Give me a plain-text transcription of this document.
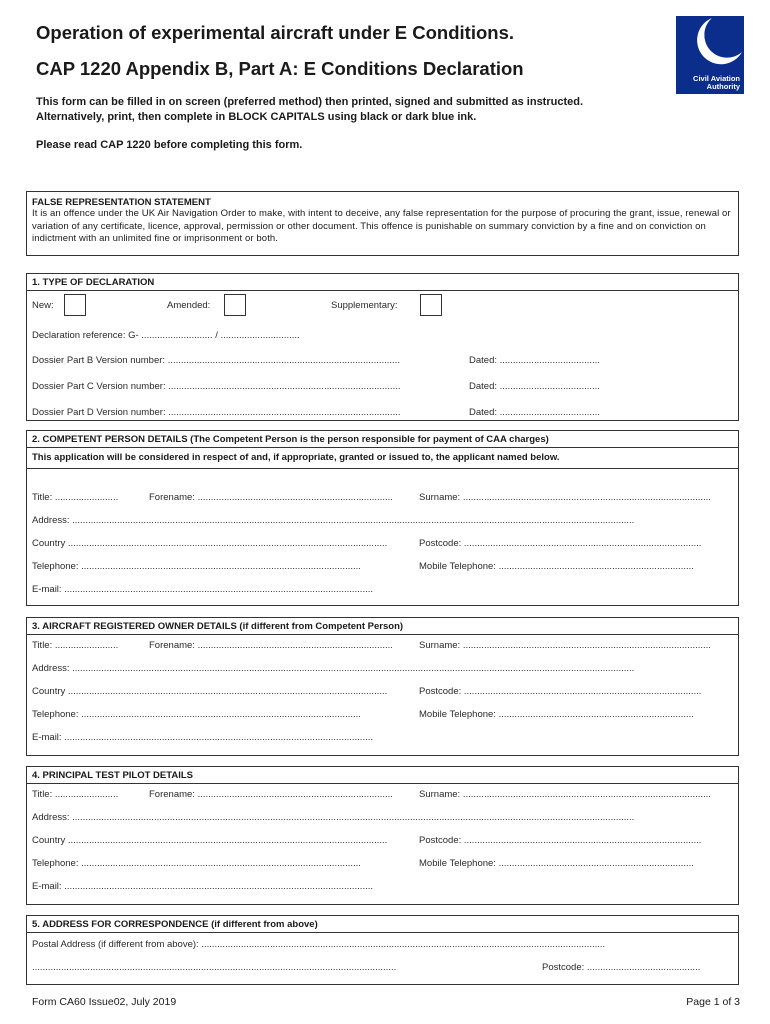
Operation of experimental aircraft under E Conditions.
CAP 1220 Appendix B, Part A: E Conditions Declaration
This form can be filled in on screen (preferred method) then printed, signed and submitted as instructed. Alternatively, print, then complete in BLOCK CAPITALS using black or dark blue ink.
Please read CAP 1220 before completing this form.
Civil Aviation
Authority
FALSE REPRESENTATION STATEMENT
It is an offence under the UK Air Navigation Order to make, with intent to deceive, any false representation for the purpose of procuring the grant, issue, renewal or variation of any certificate, licence, approval, permission or other document. This offence is punishable on summary conviction by a fine and on conviction on indictment with an unlimited fine or imprisonment or both.
1. TYPE OF DECLARATION
New:	Amended:	Supplementary:
Declaration reference: G- ........................... / ..............................
Dossier Part B Version number: ........................................................................................	Dated: ......................................
Dossier Part C Version number: ........................................................................................	Dated: ......................................
Dossier Part D Version number: ........................................................................................	Dated: ......................................
2. COMPETENT PERSON DETAILS (The Competent Person is the person responsible for payment of CAA charges)
This application will be considered in respect of and, if appropriate, granted or issued to, the applicant named below.
Title: ........................	Forename: ..........................................................................	Surname: ..............................................................................................
Address: .....................................................................................................................................................................................................................
Country .........................................................................................................................	Postcode: ..........................................................................................
Telephone: ..........................................................................................................	Mobile Telephone: ..........................................................................
E-mail: .....................................................................................................................
3. AIRCRAFT REGISTERED OWNER DETAILS (if different from Competent Person)
Title: ........................	Forename: ..........................................................................	Surname: ..............................................................................................
Address: .....................................................................................................................................................................................................................
Country .........................................................................................................................	Postcode: ..........................................................................................
Telephone: ..........................................................................................................	Mobile Telephone: ..........................................................................
E-mail: .....................................................................................................................
4. PRINCIPAL TEST PILOT DETAILS
Title: ........................	Forename: ..........................................................................	Surname: ..............................................................................................
Address: .....................................................................................................................................................................................................................
Country .........................................................................................................................	Postcode: ..........................................................................................
Telephone: ..........................................................................................................	Mobile Telephone: ..........................................................................
E-mail: .....................................................................................................................
5. ADDRESS FOR CORRESPONDENCE (if different from above)
Postal Address (if different from above): .........................................................................................................................................................
..........................................................................................................................................	Postcode: ...........................................
Form CA60 Issue02, July 2019	Page 1 of 3
